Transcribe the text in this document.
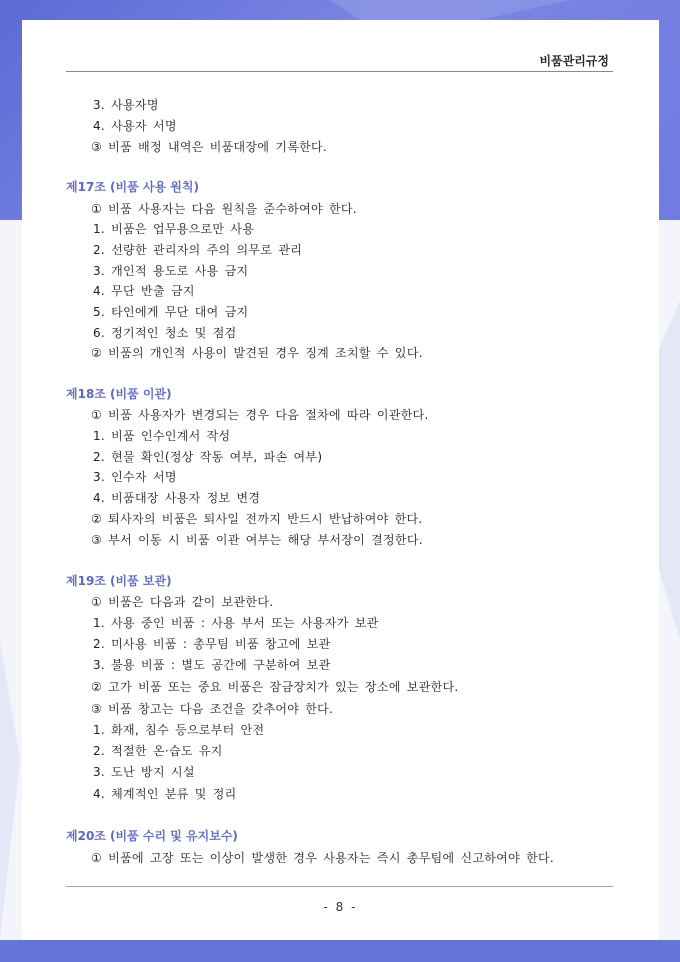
비품관리규정
3. 사용자명
4. 사용자 서명
③ 비품 배정 내역은 비품대장에 기록한다.
제17조 (비품 사용 원칙)
① 비품 사용자는 다음 원칙을 준수하여야 한다.
1. 비품은 업무용으로만 사용
2. 선량한 관리자의 주의 의무로 관리
3. 개인적 용도로 사용 금지
4. 무단 반출 금지
5. 타인에게 무단 대여 금지
6. 정기적인 청소 및 점검
② 비품의 개인적 사용이 발견된 경우 징계 조치할 수 있다.
제18조 (비품 이관)
① 비품 사용자가 변경되는 경우 다음 절차에 따라 이관한다.
1. 비품 인수인계서 작성
2. 현물 확인(정상 작동 여부, 파손 여부)
3. 인수자 서명
4. 비품대장 사용자 정보 변경
② 퇴사자의 비품은 퇴사일 전까지 반드시 반납하여야 한다.
③ 부서 이동 시 비품 이관 여부는 해당 부서장이 결정한다.
제19조 (비품 보관)
① 비품은 다음과 같이 보관한다.
1. 사용 중인 비품 : 사용 부서 또는 사용자가 보관
2. 미사용 비품 : 총무팀 비품 창고에 보관
3. 불용 비품 : 별도 공간에 구분하여 보관
② 고가 비품 또는 중요 비품은 잠금장치가 있는 장소에 보관한다.
③ 비품 창고는 다음 조건을 갖추어야 한다.
1. 화재, 침수 등으로부터 안전
2. 적절한 온·습도 유지
3. 도난 방지 시설
4. 체계적인 분류 및 정리
제20조 (비품 수리 및 유지보수)
① 비품에 고장 또는 이상이 발생한 경우 사용자는 즉시 총무팀에 신고하여야 한다.
- 8 -
